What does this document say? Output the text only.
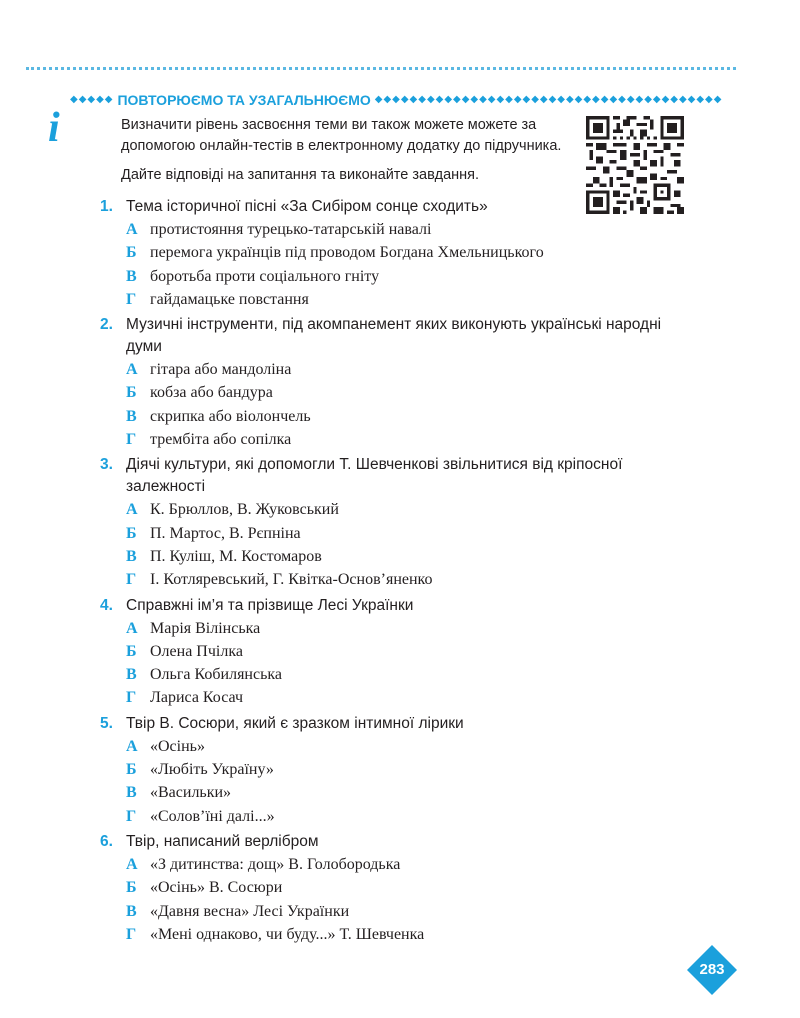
◆◆◆◆◆ ПОВТОРЮЄМО ТА УЗАГАЛЬНЮЄМО ◆◆◆◆◆◆◆◆◆◆◆◆◆◆◆◆◆◆◆◆◆◆◆◆◆◆◆◆◆◆◆◆◆◆◆◆◆◆◆◆
i	Визначити рівень засвоєння теми ви також можете можете за допомогою онлайн-тестів в електронному додатку до підручника.

Дайте відповіді на запитання та виконайте завдання.

1. Тема історичної пісні «За Сибіром сонце сходить»
А протистояння турецько-татарській навалі
Б перемога українців під проводом Богдана Хмельницького
В боротьба проти соціального гніту
Г гайдамацьке повстання
2. Музичні інструменти, під акомпанемент яких виконують українські народні думи
А гітара або мандоліна
Б кобза або бандура
В скрипка або віолончель
Г трембіта або сопілка
3. Діячі культури, які допомогли Т. Шевченкові звільнитися від кріпосної залежності
А К. Брюллов, В. Жуковський
Б П. Мартос, В. Рєпніна
В П. Куліш, М. Костомаров
Г І. Котляревський, Г. Квітка-Основ’яненко
4. Справжні ім’я та прізвище Лесі Українки
А Марія Вілінська
Б Олена Пчілка
В Ольга Кобилянська
Г Лариса Косач
5. Твір В. Сосюри, який є зразком інтимної лірики
А «Осінь»
Б «Любіть Україну»
В «Васильки»
Г «Солов’їні далі...»
6. Твір, написаний верлібром
А «З дитинства: дощ» В. Голобородька
Б «Осінь» В. Сосюри
В «Давня весна» Лесі Українки
Г «Мені однаково, чи буду...» Т. Шевченка
283
